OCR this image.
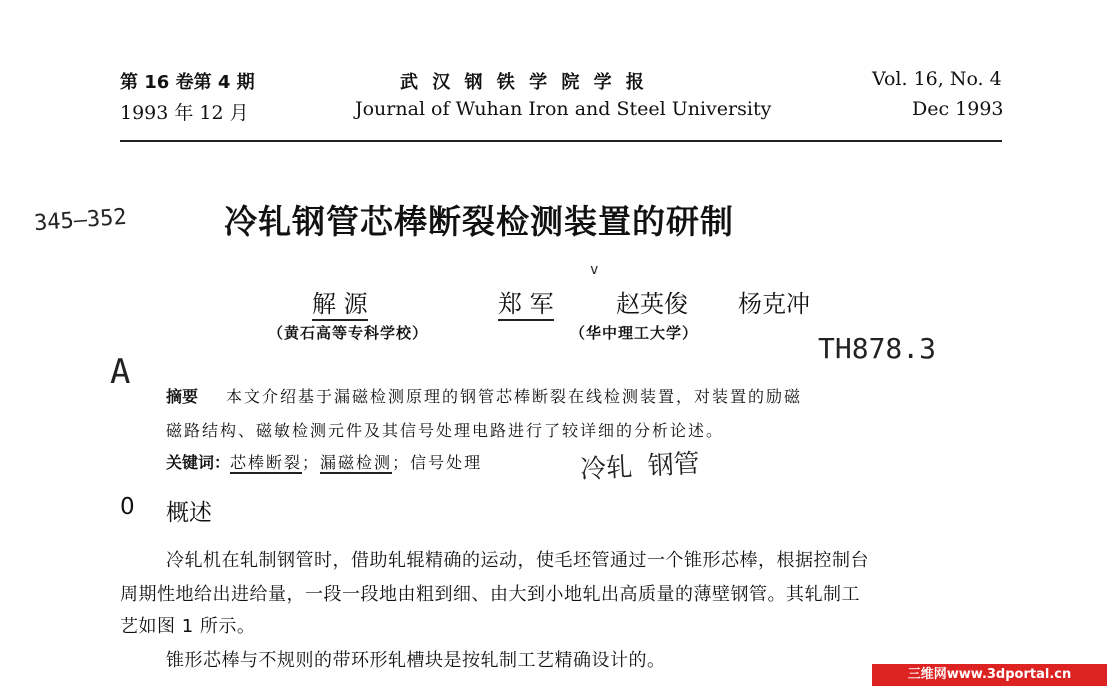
第 16 卷第 4 期
1993 年 12 月
武 汉 钢 铁 学 院 学 报
Journal of Wuhan Iron and Steel University
Vol. 16, No. 4
Dec 1993
345—352
A
TH878.3
v
冷轧钢管芯棒断裂检测装置的研制
解 源	郑 军	赵英俊 杨克冲
（黄石高等专科学校）	（华中理工大学）
摘要 本文介绍基于漏磁检测原理的钢管芯棒断裂在线检测装置，对装置的励磁
磁路结构、磁敏检测元件及其信号处理电路进行了较详细的分析论述。
关键词：芯棒断裂；漏磁检测；信号处理	冷轧 钢管
0 概述
冷轧机在轧制钢管时，借助轧辊精确的运动，使毛坯管通过一个锥形芯棒，根据控制台
周期性地给出进给量，一段一段地由粗到细、由大到小地轧出高质量的薄壁钢管。其轧制工
艺如图 1 所示。
锥形芯棒与不规则的带环形轧槽块是按轧制工艺精确设计的。
三维网www.3dportal.cn
